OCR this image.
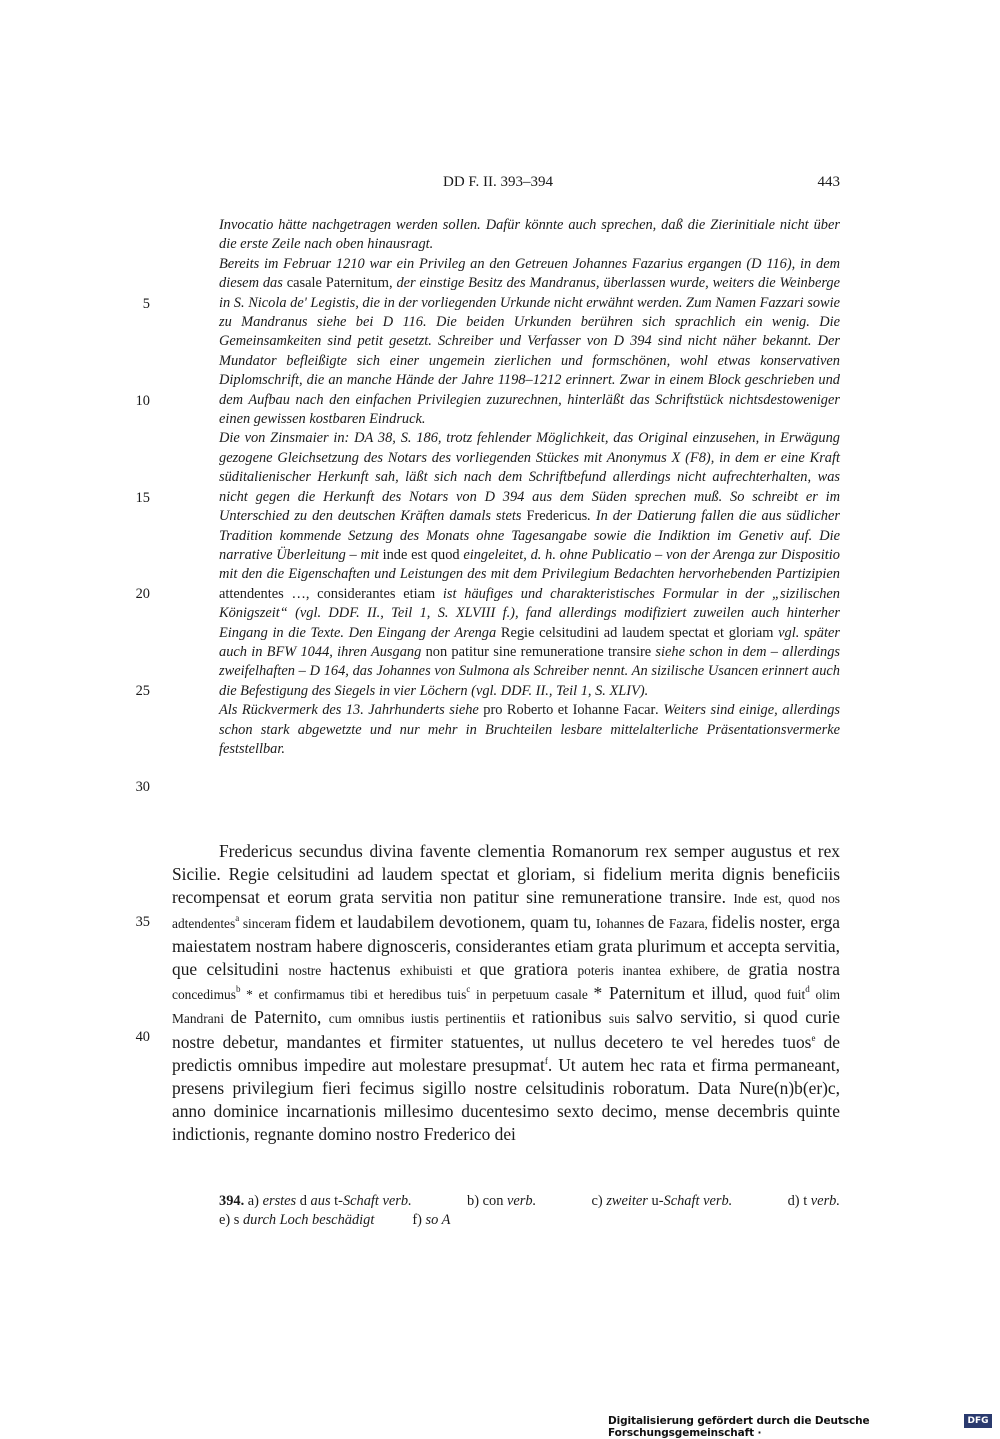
DD F. II. 393–394	443
5
10
15
20
25
30
35
40

Invocatio hätte nachgetragen werden sollen. Dafür könnte auch sprechen, daß die Zierinitiale nicht über die erste Zeile nach oben hinausragt.

Bereits im Februar 1210 war ein Privileg an den Getreuen Johannes Fazarius ergangen (D 116), in dem diesem das casale Paternitum, der einstige Besitz des Mandranus, überlassen wurde, weiters die Weinberge in S. Nicola de' Legistis, die in der vorliegenden Urkunde nicht erwähnt werden. Zum Namen Fazzari sowie zu Mandranus siehe bei D 116. Die beiden Urkunden berühren sich sprachlich ein wenig. Die Gemeinsamkeiten sind petit gesetzt. Schreiber und Verfasser von D 394 sind nicht näher bekannt. Der Mundator befleißigte sich einer ungemein zierlichen und formschönen, wohl etwas konservativen Diplomschrift, die an manche Hände der Jahre 1198–1212 erinnert. Zwar in einem Block geschrieben und dem Aufbau nach den einfachen Privilegien zuzurechnen, hinterläßt das Schriftstück nichtsdestoweniger einen gewissen kostbaren Eindruck.

Die von Zinsmaier in: DA 38, S. 186, trotz fehlender Möglichkeit, das Original einzusehen, in Erwägung gezogene Gleichsetzung des Notars des vorliegenden Stückes mit Anonymus X (F8), in dem er eine Kraft süditalienischer Herkunft sah, läßt sich nach dem Schriftbefund allerdings nicht aufrechterhalten, was nicht gegen die Herkunft des Notars von D 394 aus dem Süden sprechen muß. So schreibt er im Unterschied zu den deutschen Kräften damals stets Fredericus. In der Datierung fallen die aus südlicher Tradition kommende Setzung des Monats ohne Tagesangabe sowie die Indiktion im Genetiv auf. Die narrative Überleitung – mit inde est quod eingeleitet, d. h. ohne Publicatio – von der Arenga zur Dispositio mit den die Eigenschaften und Leistungen des mit dem Privilegium Bedachten hervorhebenden Partizipien attendentes …, considerantes etiam ist häufiges und charakteristisches Formular in der „sizilischen Königszeit“ (vgl. DDF. II., Teil 1, S. XLVIII f.), fand allerdings modifiziert zuweilen auch hinterher Eingang in die Texte. Den Eingang der Arenga Regie celsitudini ad laudem spectat et gloriam vgl. später auch in BFW 1044, ihren Ausgang non patitur sine remuneratione transire siehe schon in dem – allerdings zweifelhaften – D 164, das Johannes von Sulmona als Schreiber nennt. An sizilische Usancen erinnert auch die Befestigung des Siegels in vier Löchern (vgl. DDF. II., Teil 1, S. XLIV).

Als Rückvermerk des 13. Jahrhunderts siehe pro Roberto et Iohanne Facar. Weiters sind einige, allerdings schon stark abgewetzte und nur mehr in Bruchteilen lesbare mittelalterliche Präsentationsvermerke feststellbar.

Fredericus secundus divina favente clementia Romanorum rex semper augustus et rex Sicilie. Regie celsitudini ad laudem spectat et gloriam, si fidelium merita dignis beneficiis recompensat et eorum grata servitia non patitur sine remuneratione transire. Inde est, quod nos adtendentes$^a$ sinceram fidem et laudabilem devotionem, quam tu, Iohannes de Fazara, fidelis noster, erga maiestatem nostram habere dignosceris, considerantes etiam grata plurimum et accepta servitia, que celsitudini nostre hactenus exhibuisti et que gratiora poteris inantea exhibere, de gratia nostra concedimus$^b$ * et confirmamus tibi et heredibus tuis$^c$ in perpetuum casale * Paternitum et illud, quod fuit$^d$ olim Mandrani de Paternito, cum omnibus iustis pertinentiis et rationibus suis salvo servitio, si quod curie nostre debetur, mandantes et firmiter statuentes, ut nullus decetero te vel heredes tuos$^e$ de predictis omnibus impedire aut molestare presupmat$^f$. Ut autem hec rata et firma permaneant, presens privilegium fieri fecimus sigillo nostre celsitudinis roboratum. Data Nure(n)b(er)c, anno dominice incarnationis millesimo ducentesimo sexto decimo, mense decembris quinte indictionis, regnante domino nostro Frederico dei

394. a) erstes d aus t-Schaft verb.	b) con verb.	c) zweiter u-Schaft verb.	d) t verb.
e) s durch Loch beschädigt	f) so A
Digitalisierung gefördert durch die Deutsche Forschungsgemeinschaft ·
DFG
